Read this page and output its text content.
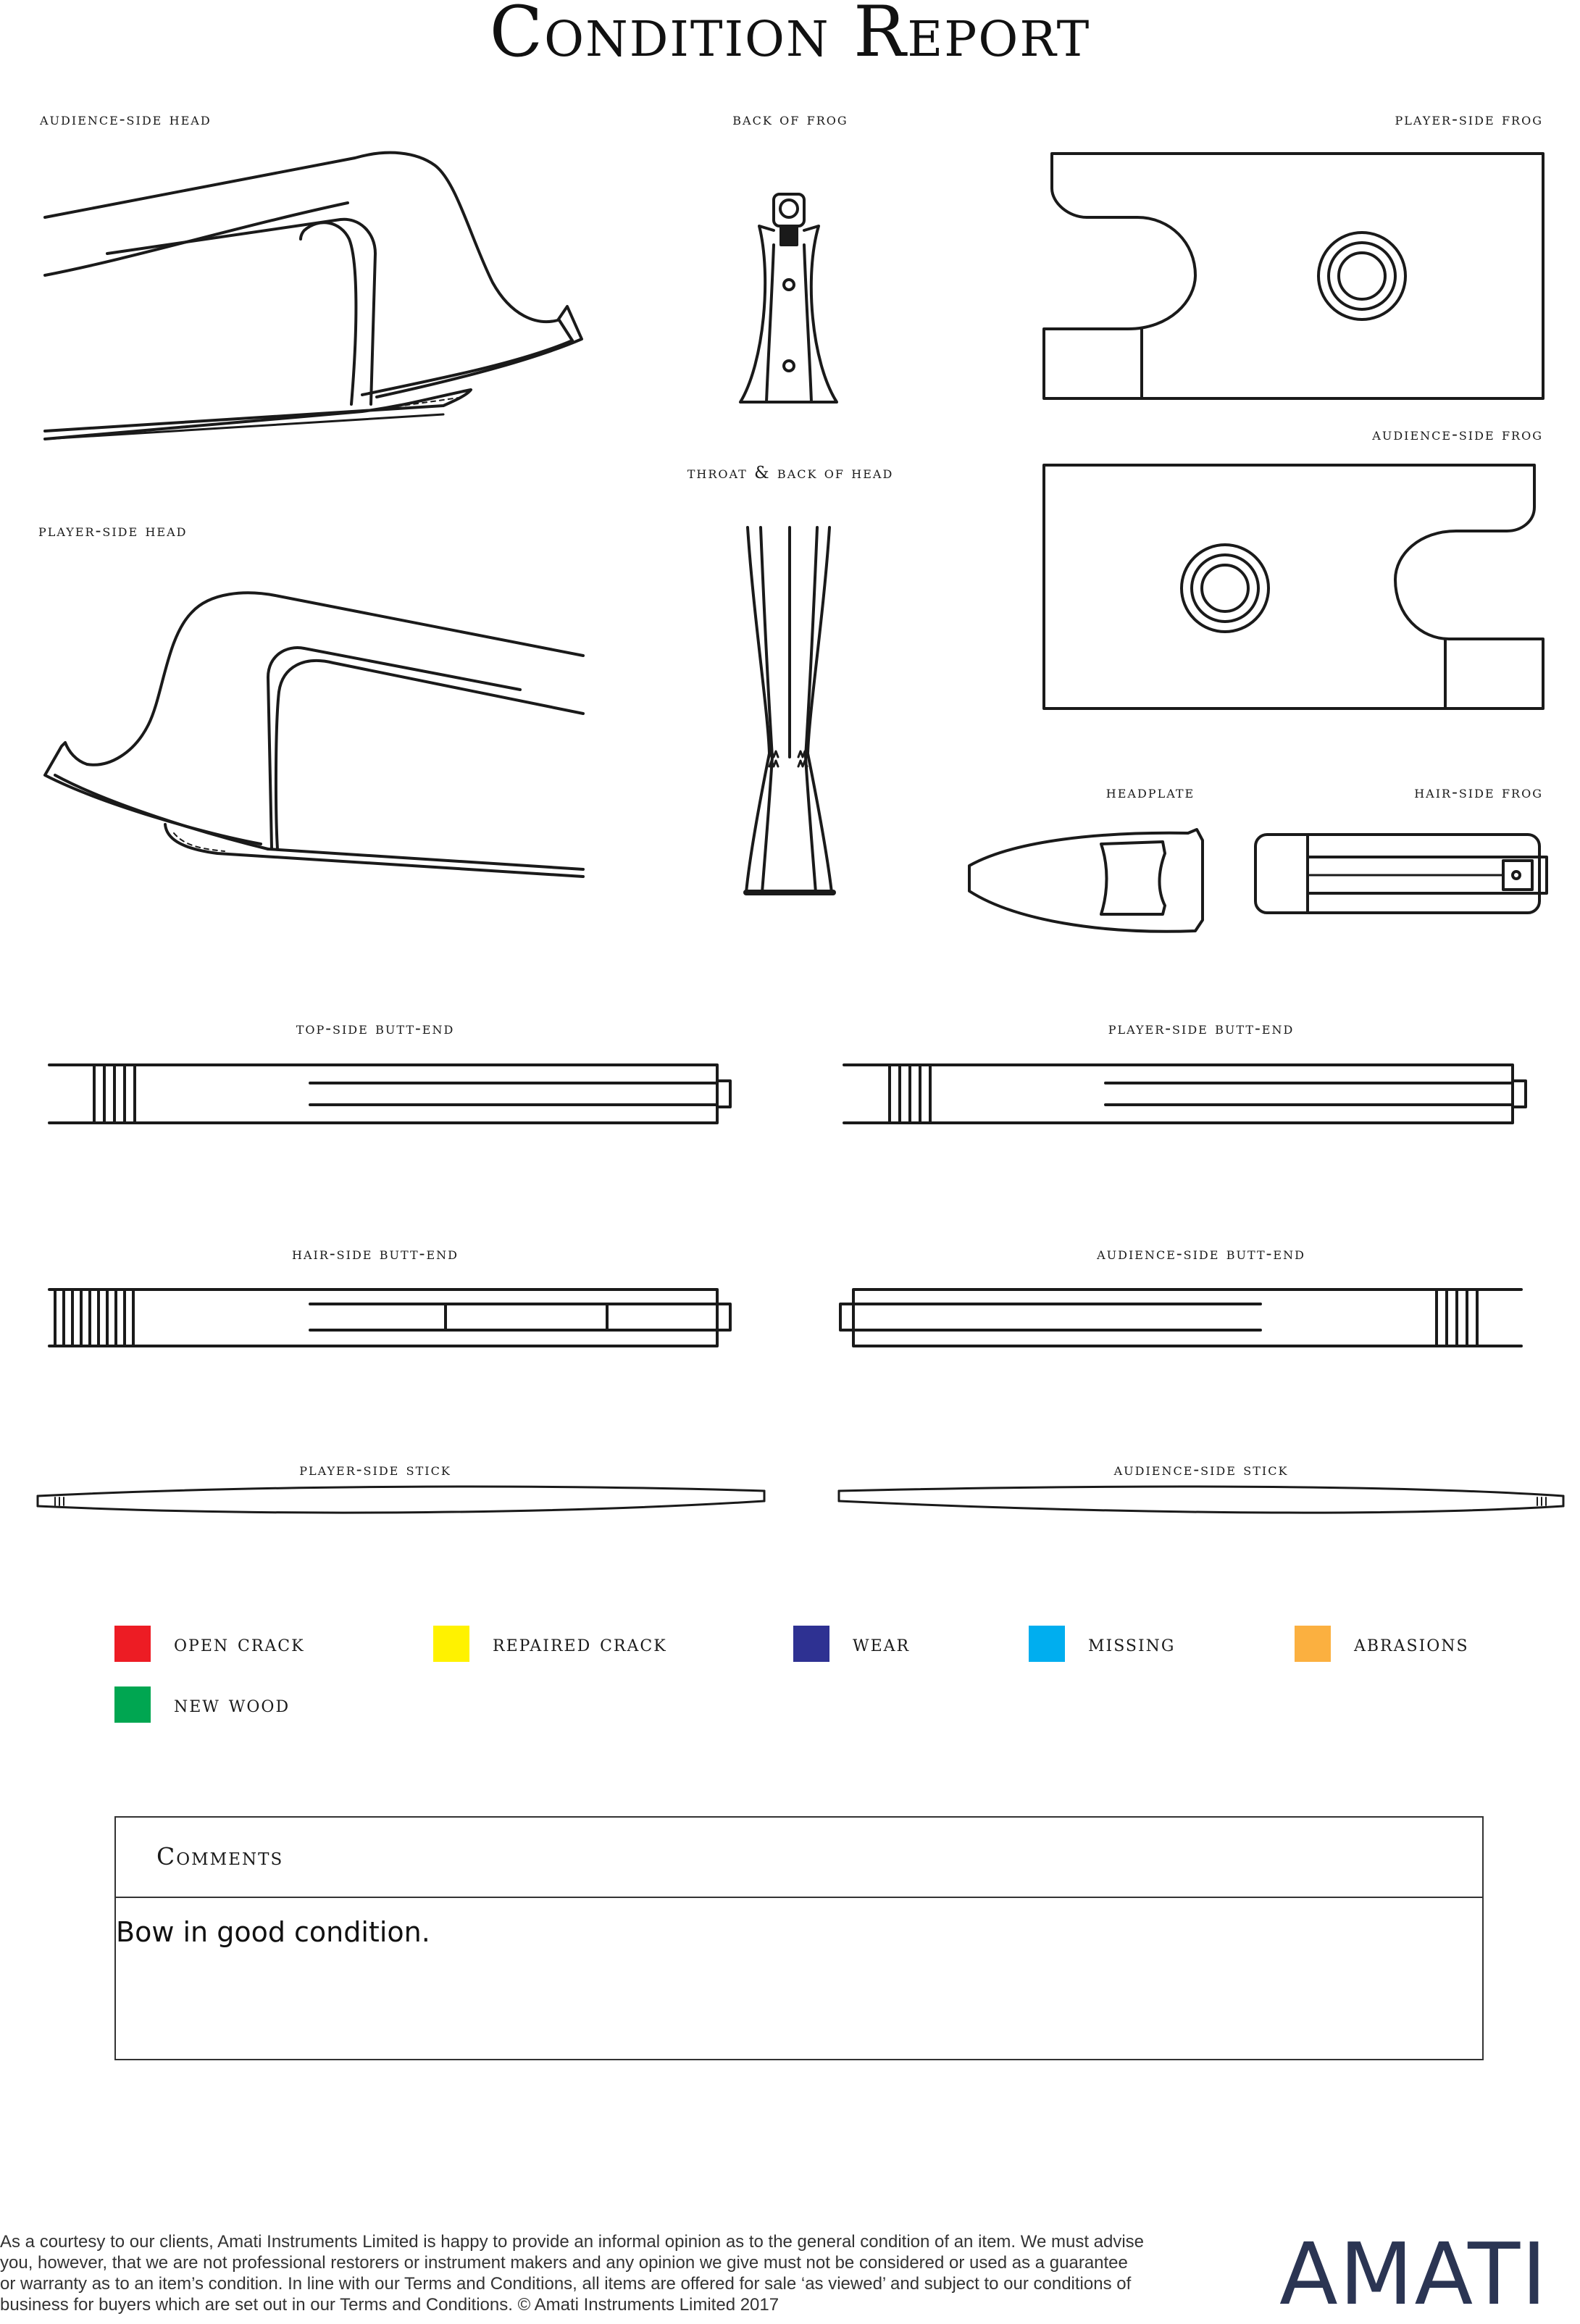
Condition Report
audience-side head	back of frog	player-side frog
audience-side frog
throat & back of head
player-side head
headplate	hair-side frog
top-side butt-end	player-side butt-end
hair-side butt-end	audience-side butt-end
player-side stick	audience-side stick
open crack	repaired crack	wear	missing	abrasions
new wood
Comments
Bow in good condition.
As a courtesy to our clients, Amati Instruments Limited is happy to provide an informal opinion as to the general condition of an item. We must advise you, however, that we are not professional restorers or instrument makers and any opinion we give must not be considered or used as a guarantee or warranty as to an item’s condition. In line with our Terms and Conditions, all items are offered for sale ‘as viewed’ and subject to our conditions of business for buyers which are set out in our Terms and Conditions. © Amati Instruments Limited 2017	AMATI
